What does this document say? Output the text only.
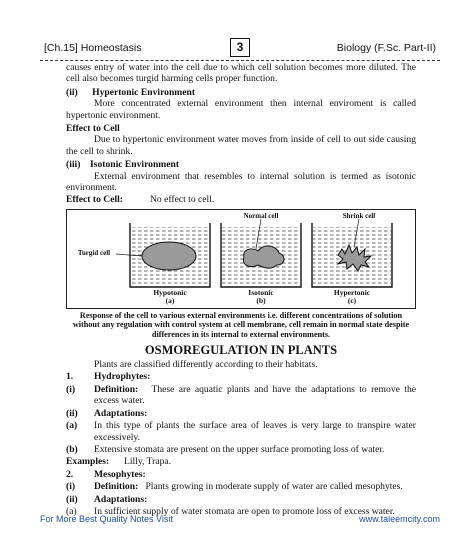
[Ch.15] Homeostasis	3	Biology (F.Sc. Part-II)

causes entry of water into the cell due to which cell solution becomes more diluted. The cell also becomes turgid harming cells proper function.

(ii)      Hypertonic Environment

More concentrated external environment then internal enviroment is called hypertonic environment.

Effect to Cell

Due to hypertonic environment water moves from inside of cell to out side causing the cell to shrink.

(iii)    Isotonic Environment

External environment that resembles to internal solution is termed as isotonic environment.

Effect to Cell:	No effect to cell.
Turgid cell
Normal cell	Shrink cell
Hypotonic
(a)
Isotonic
(b)
Hypertonic
(c)

Response of the cell to various external environments i.e. different concentrations of solution without any regulation with control system at cell membrane, cell remain in normal state despite differences in its internal to external environments.

OSMOREGULATION IN PLANTS

Plants are classified differently according to their habitats.

1.	Hydrophytes:
(i)	Definition: These are aquatic plants and have the adaptations to remove the excess water.
(ii)	Adaptations:
(a)	In this type of plants the surface area of leaves is very large to transpire water excessively.
(b)	Extensive stomata are present on the upper surface promoting loss of water.
Examples:	Lilly, Trapa.
2.	Mesophytes:
(i)	Definition: Plants growing in moderate supply of water are called mesophytes.
(ii)	Adaptations:
(a)	In sufficient supply of water stomata are open to promote loss of excess water.
For More Best Quality Notes Visit	www.taleemcity.com
